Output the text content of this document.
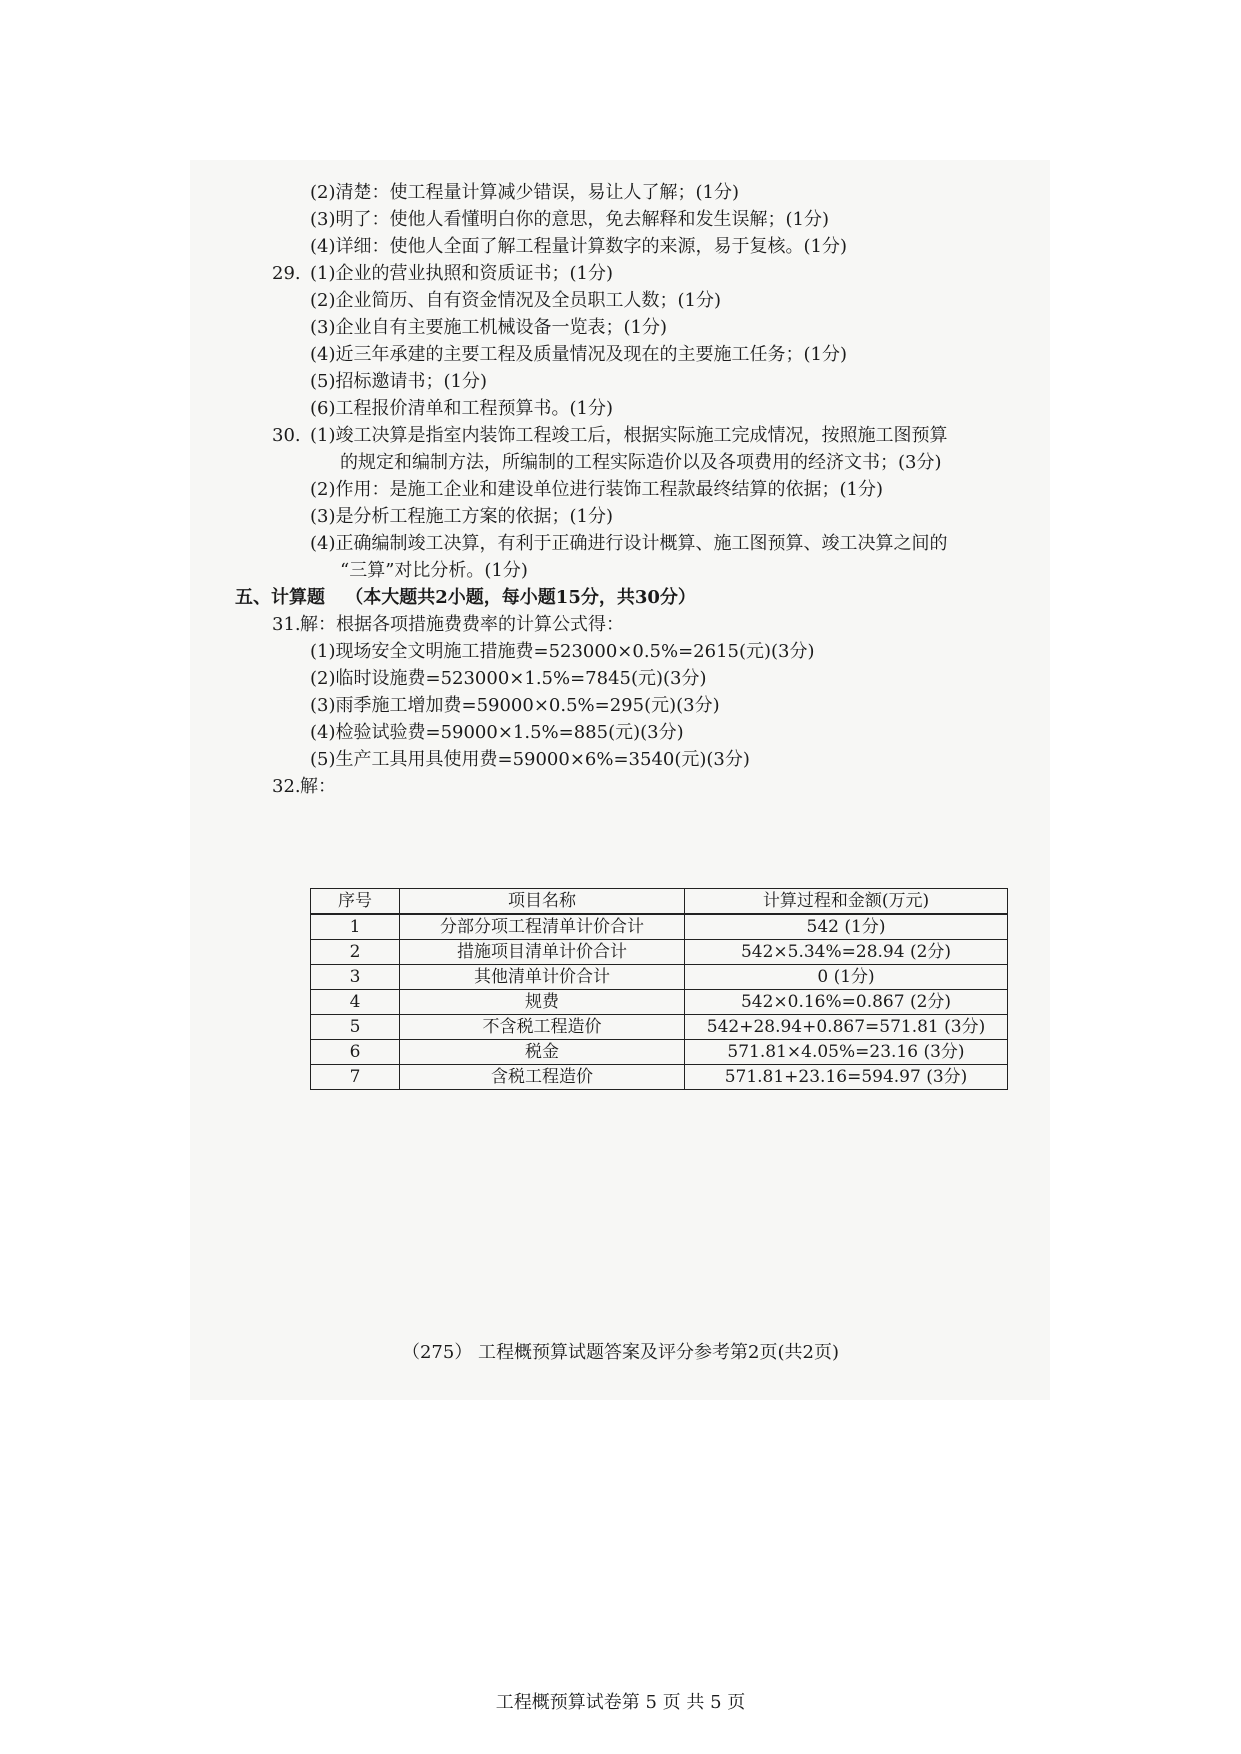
(2)清楚：使工程量计算减少错误，易让人了解；(1分)
(3)明了：使他人看懂明白你的意思，免去解释和发生误解；(1分)
(4)详细：使他人全面了解工程量计算数字的来源，易于复核。(1分)
29. (1)企业的营业执照和资质证书；(1分)
(2)企业简历、自有资金情况及全员职工人数；(1分)
(3)企业自有主要施工机械设备一览表；(1分)
(4)近三年承建的主要工程及质量情况及现在的主要施工任务；(1分)
(5)招标邀请书；(1分)
(6)工程报价清单和工程预算书。(1分)
30. (1)竣工决算是指室内装饰工程竣工后，根据实际施工完成情况，按照施工图预算
的规定和编制方法，所编制的工程实际造价以及各项费用的经济文书；(3分)
(2)作用：是施工企业和建设单位进行装饰工程款最终结算的依据；(1分)
(3)是分析工程施工方案的依据；(1分)
(4)正确编制竣工决算，有利于正确进行设计概算、施工图预算、竣工决算之间的
“三算”对比分析。(1分)
五、计算题 （本大题共2小题，每小题15分，共30分）
31. 解：根据各项措施费费率的计算公式得：
(1)现场安全文明施工措施费=523000×0.5%=2615(元)(3分)
(2)临时设施费=523000×1.5%=7845(元)(3分)
(3)雨季施工增加费=59000×0.5%=295(元)(3分)
(4)检验试验费=59000×1.5%=885(元)(3分)
(5)生产工具用具使用费=59000×6%=3540(元)(3分)
32. 解：
序号	项目名称	计算过程和金额(万元)
1	分部分项工程清单计价合计	542 (1分)
2	措施项目清单计价合计	542×5.34%=28.94 (2分)
3	其他清单计价合计	0 (1分)
4	规费	542×0.16%=0.867 (2分)
5	不含税工程造价	542+28.94+0.867=571.81 (3分)
6	税金	571.81×4.05%=23.16 (3分)
7	含税工程造价	571.81+23.16=594.97 (3分)
（275） 工程概预算试题答案及评分参考第2页(共2页)
工程概预算试卷第 5 页 共 5 页
